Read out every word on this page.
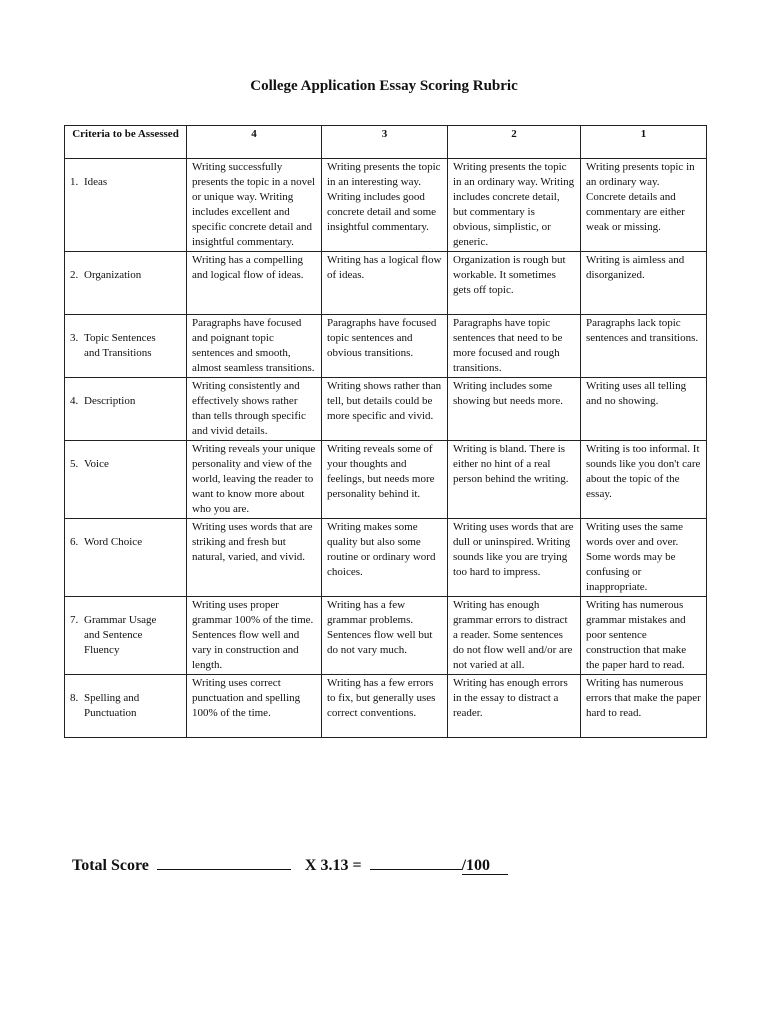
College Application Essay Scoring Rubric
Criteria to be Assessed	4	3	2	1

1. Ideas	Writing successfully presents the topic in a novel or unique way. Writing includes excellent and specific concrete detail and insightful commentary.	Writing presents the topic in an interesting way. Writing includes good concrete detail and some insightful commentary.	Writing presents the topic in an ordinary way. Writing includes concrete detail, but commentary is obvious, simplistic, or generic.	Writing presents topic in an ordinary way. Concrete details and commentary are either weak or missing.

2. Organization	Writing has a compelling and logical flow of ideas.	Writing has a logical flow of ideas.	Organization is rough but workable. It sometimes gets off topic.	Writing is aimless and disorganized.

3. Topic Sentences
and Transitions	Paragraphs have focused and poignant topic sentences and smooth, almost seamless transitions.	Paragraphs have focused topic sentences and obvious transitions.	Paragraphs have topic sentences that need to be more focused and rough transitions.	Paragraphs lack topic sentences and transitions.

4. Description	Writing consistently and effectively shows rather than tells through specific and vivid details.	Writing shows rather than tell, but details could be more specific and vivid.	Writing includes some showing but needs more.	Writing uses all telling and no showing.

5. Voice	Writing reveals your unique personality and view of the world, leaving the reader to want to know more about who you are.	Writing reveals some of your thoughts and feelings, but needs more personality behind it.	Writing is bland. There is either no hint of a real person behind the writing.	Writing is too informal. It sounds like you don't care about the topic of the essay.

6. Word Choice	Writing uses words that are striking and fresh but natural, varied, and vivid.	Writing makes some quality but also some routine or ordinary word choices.	Writing uses words that are dull or uninspired. Writing sounds like you are trying too hard to impress.	Writing uses the same words over and over. Some words may be confusing or inappropriate.

7. Grammar Usage
and Sentence
Fluency	Writing uses proper grammar 100% of the time. Sentences flow well and vary in construction and length.	Writing has a few grammar problems. Sentences flow well but do not vary much.	Writing has enough grammar errors to distract a reader. Some sentences do not flow well and/or are not varied at all.	Writing has numerous grammar mistakes and poor sentence construction that make the paper hard to read.

8. Spelling and
Punctuation	Writing uses correct punctuation and spelling 100% of the time.	Writing has a few errors to fix, but generally uses correct conventions.	Writing has enough errors in the essay to distract a reader.	Writing has numerous errors that make the paper hard to read.
Total Score	X 3.13 =	/100
